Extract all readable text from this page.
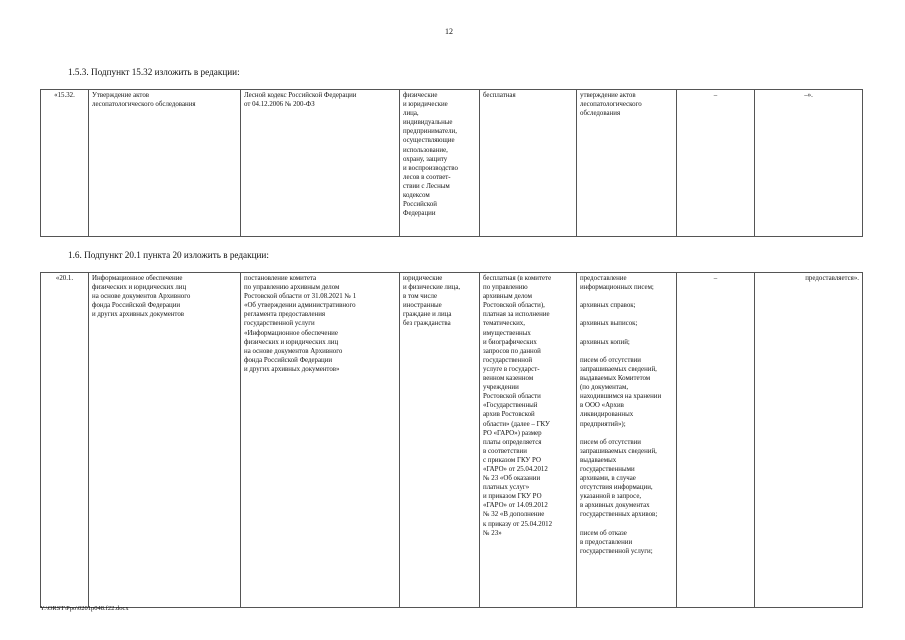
12
1.5.3. Подпункт 15.32 изложить в редакции:
«15.32.	Утверждение актов
лесопатологического обследования	Лесной кодекс Российской Федерации
от 04.12.2006 № 200-ФЗ	физические
и юридические
лица,
индивидуальные
предприниматели,
осуществляющие
использование,
охрану, защиту
и воспроизводство
лесов в соответ-
ствии с Лесным
кодексом
Российской
Федерации	бесплатная	утверждение актов
лесопатологического
обследования	–	–».
1.6. Подпункт 20.1 пункта 20 изложить в редакции:
«20.1.	Информационное обеспечение
физических и юридических лиц
на основе документов Архивного
фонда Российской Федерации
и других архивных документов	постановление комитета
по управлению архивным делом
Ростовской области от 31.08.2021 № 1
«Об утверждении административного
регламента предоставления
государственной услуги
«Информационное обеспечение
физических и юридических лиц
на основе документов Архивного
фонда Российской Федерации
и других архивных документов»	юридические
и физические лица,
в том числе
иностранные
граждане и лица
без гражданства	бесплатная (в комитете
по управлению
архивным делом
Ростовской области),
платная за исполнение
тематических,
имущественных
и биографических
запросов по данной
государственной
услуге в государст-
венном казенном
учреждении
Ростовской области
«Государственный
архив Ростовской
области» (далее – ГКУ
РО «ГАРО») размер
платы определяется
в соответствии
с приказом ГКУ РО
«ГАРО» от 25.04.2012
№ 23 «Об оказании
платных услуг»
и приказом ГКУ РО
«ГАРО» от 14.09.2012
№ 32 «В дополнение
к приказу от 25.04.2012
№ 23»	предоставление
информационных писем;

архивных справок;

архивных выписок;

архивных копий;

писем об отсутствии
запрашиваемых сведений,
выдаваемых Комитетом
(по документам,
находившимся на хранении
в ООО «Архив
ликвидированных
предприятий»);

писем об отсутствии
запрашиваемых сведений,
выдаваемых
государственными
архивами, в случае
отсутствия информации,
указанной в запросе,
в архивных документах
государственных архивов;

писем об отказе
в предоставлении
государственной услуги;	–	предоставляется».
Y:\ORST\Ppo\0201p048.f22.docx
